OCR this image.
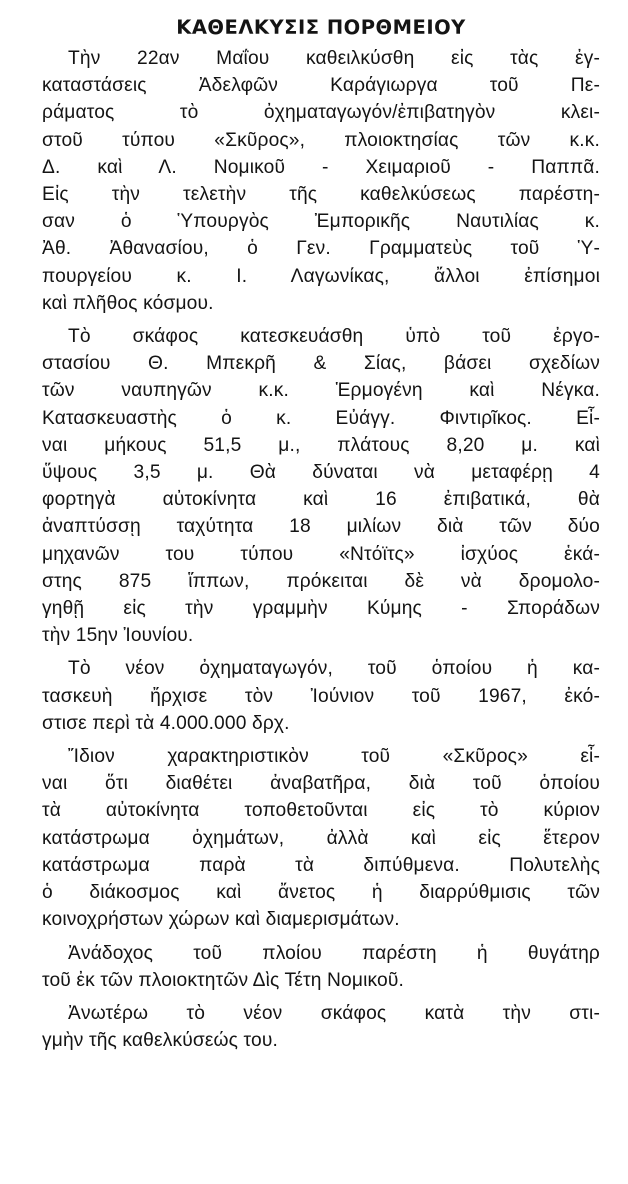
ΚΑΘΕΛΚΥΣΙΣ ΠΟΡΘΜΕΙΟΥ
Τὴν 22αν Μαΐου καθειλκύσθη εἰς τὰς ἐγ-
καταστάσεις Ἀδελφῶν Καράγιωργα τοῦ Πε-
ράματος τὸ ὀχηματαγωγόν/ἐπιβατηγὸν κλει-
στοῦ τύπου «Σκῦρος», πλοιοκτησίας τῶν κ.κ.
Δ. καὶ Λ. Νομικοῦ - Χειμαριοῦ - Παππᾶ.
Εἰς τὴν τελετὴν τῆς καθελκύσεως παρέστη-
σαν ὁ Ὑπουργὸς Ἐμπορικῆς Ναυτιλίας κ.
Ἀθ. Ἀθανασίου, ὁ Γεν. Γραμματεὺς τοῦ Ὑ-
πουργείου κ. Ι. Λαγωνίκας, ἄλλοι ἐπίσημοι
καὶ πλῆθος κόσμου.
Τὸ σκάφος κατεσκευάσθη ὑπὸ τοῦ ἐργο-
στασίου Θ. Μπεκρῆ & Σίας, βάσει σχεδίων
τῶν ναυπηγῶν κ.κ. Ἑρμογένη καὶ Νέγκα.
Κατασκευαστὴς ὁ κ. Εὐάγγ. Φιντιρῖκος. Εἶ-
ναι μήκους 51,5 μ., πλάτους 8,20 μ. καὶ
ὕψους 3,5 μ. Θὰ δύναται νὰ μεταφέρῃ 4
φορτηγὰ αὐτοκίνητα καὶ 16 ἐπιβατικά, θὰ
ἀναπτύσσῃ ταχύτητα 18 μιλίων διὰ τῶν δύο
μηχανῶν του τύπου «Ντόϊτς» ἰσχύος ἑκά-
στης 875 ἵππων, πρόκειται δὲ νὰ δρομολο-
γηθῇ εἰς τὴν γραμμὴν Κύμης - Σποράδων
τὴν 15ην Ἰουνίου.
Τὸ νέον ὀχηματαγωγόν, τοῦ ὁποίου ἡ κα-
τασκευὴ ἤρχισε τὸν Ἰούνιον τοῦ 1967, ἐκό-
στισε περὶ τὰ 4.000.000 δρχ.
Ἴδιον χαρακτηριστικὸν τοῦ «Σκῦρος» εἶ-
ναι ὅτι διαθέτει ἀναβατῆρα, διὰ τοῦ ὁποίου
τὰ αὐτοκίνητα τοποθετοῦνται εἰς τὸ κύριον
κατάστρωμα ὀχημάτων, ἀλλὰ καὶ εἰς ἕτερον
κατάστρωμα παρὰ τὰ διπύθμενα. Πολυτελὴς
ὁ διάκοσμος καὶ ἄνετος ἡ διαρρύθμισις τῶν
κοινοχρήστων χώρων καὶ διαμερισμάτων.
Ἀνάδοχος τοῦ πλοίου παρέστη ἡ θυγάτηρ
τοῦ ἐκ τῶν πλοιοκτητῶν Δὶς Τέτη Νομικοῦ.
Ἀνωτέρω τὸ νέον σκάφος κατὰ τὴν στι-
γμὴν τῆς καθελκύσεώς του.
